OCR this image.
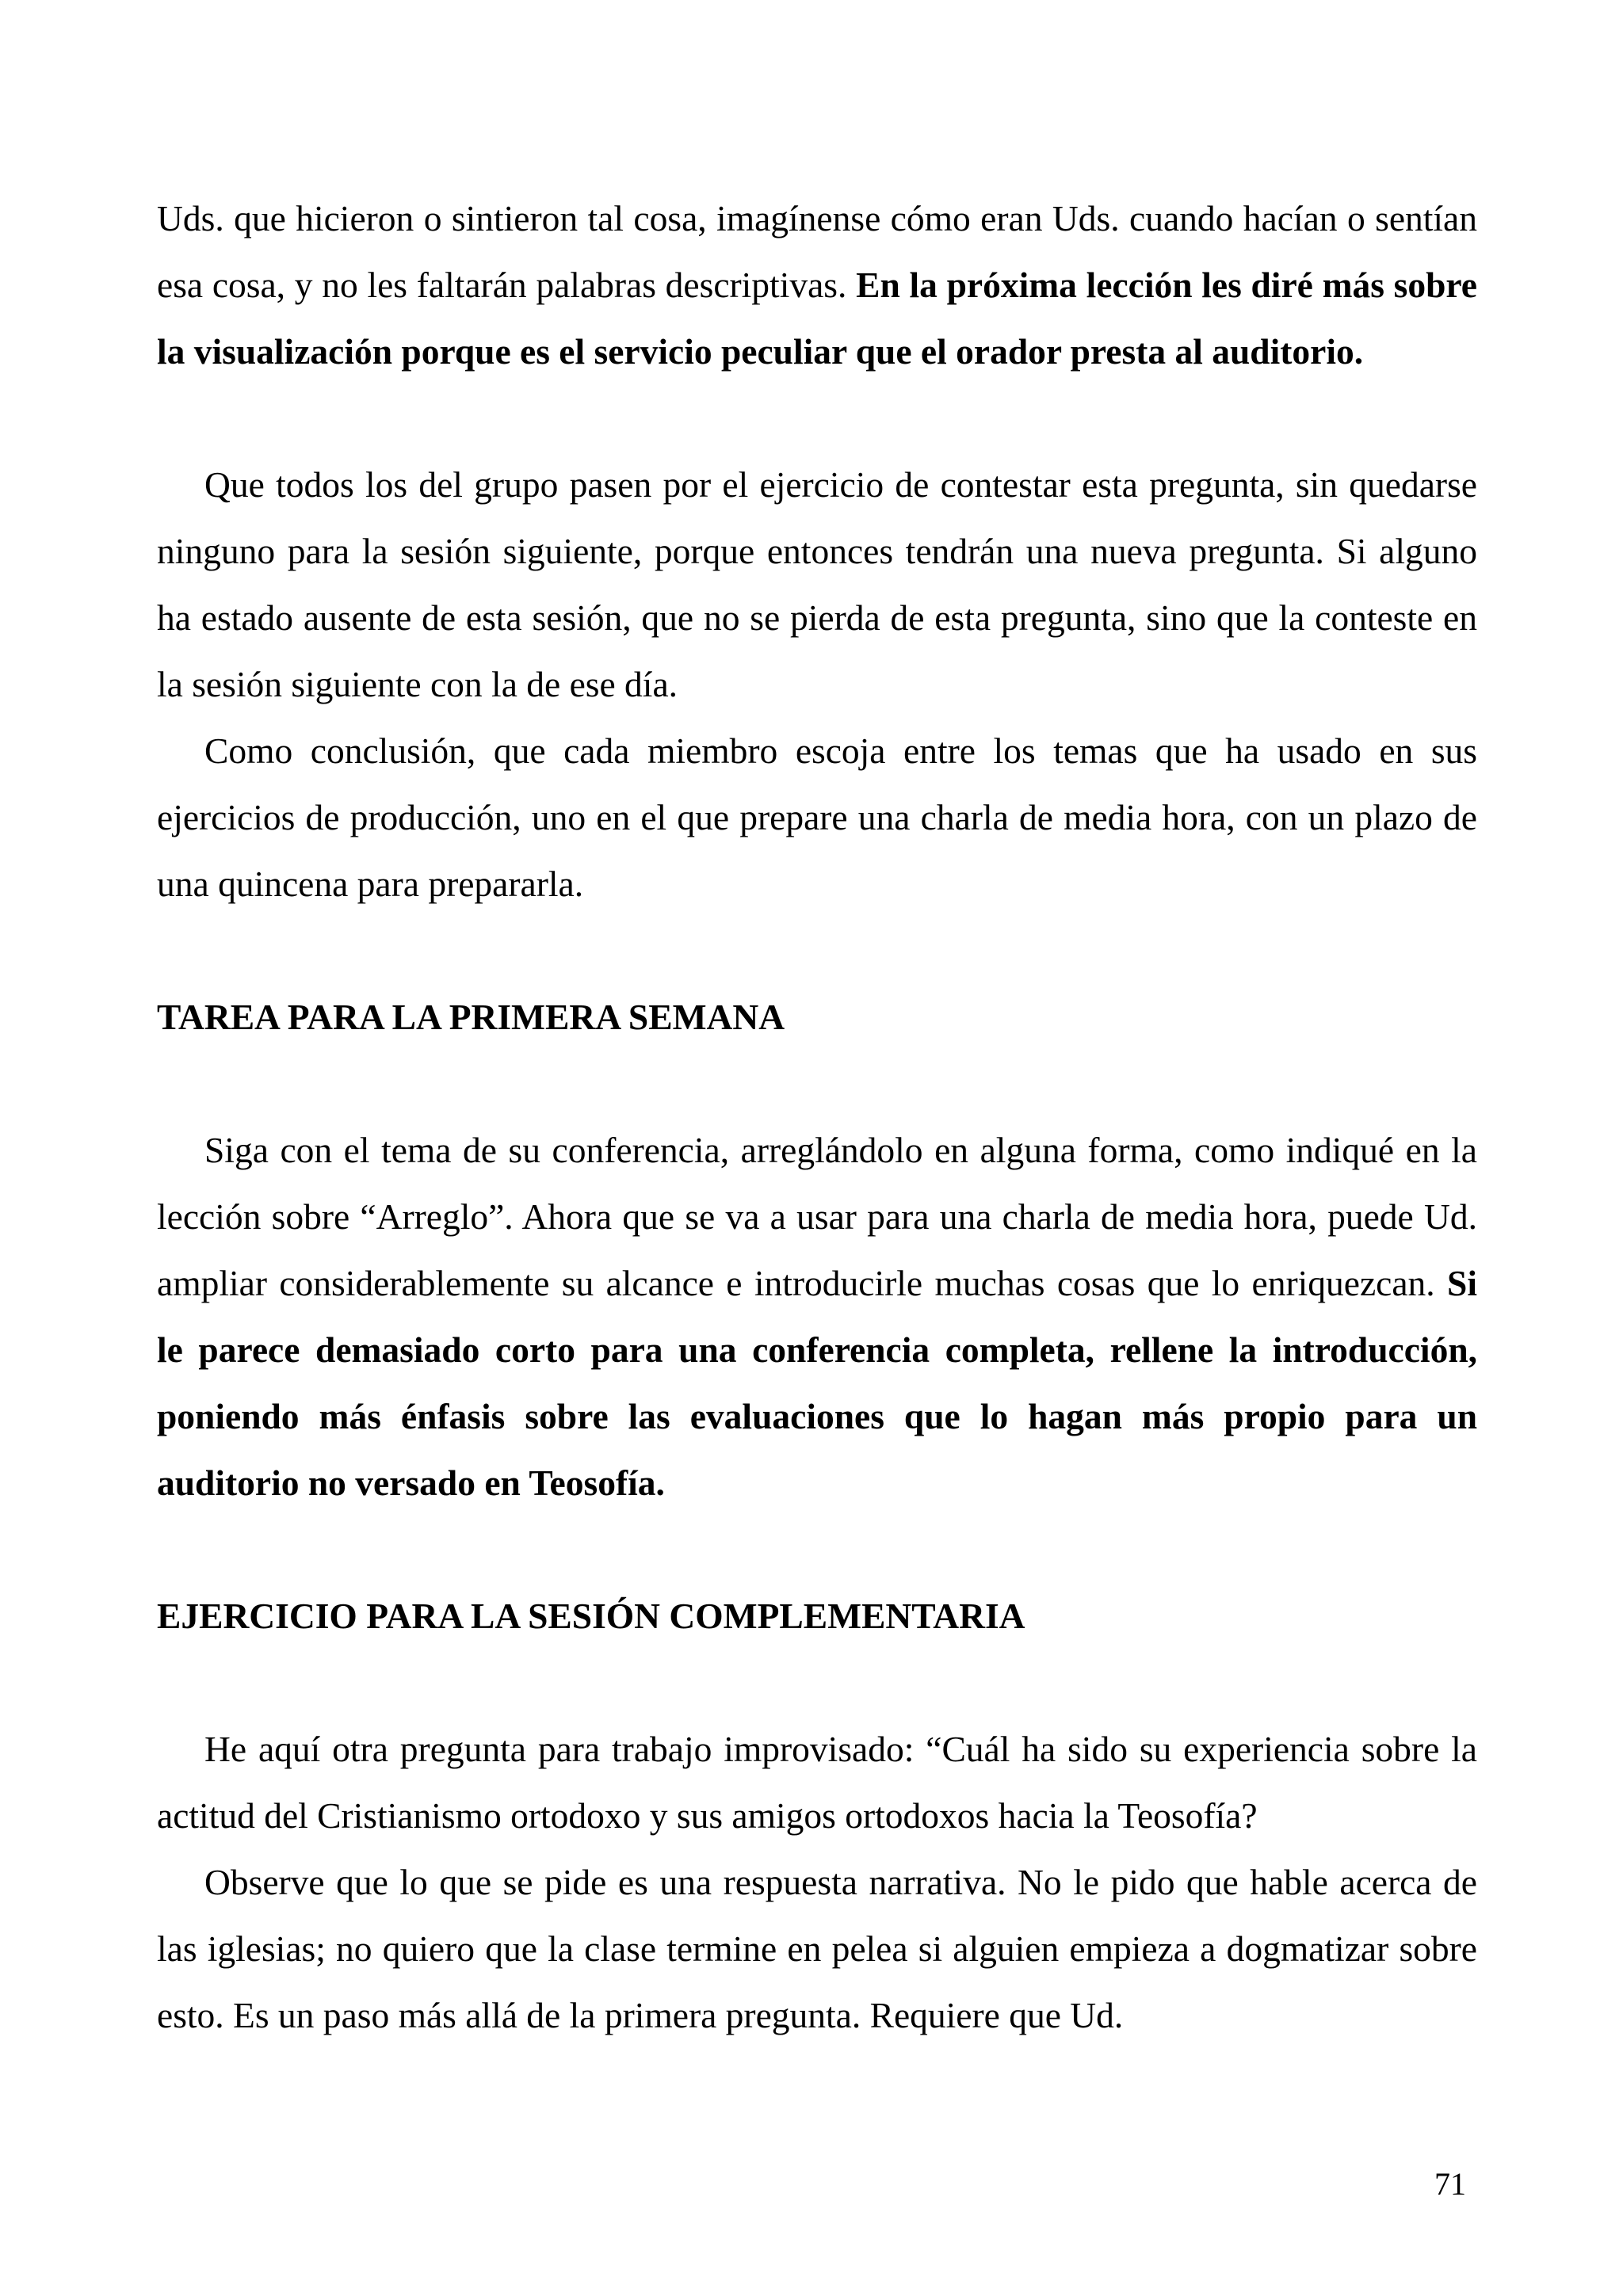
Uds. que hicieron o sintieron tal cosa, imagínense cómo eran Uds. cuando hacían o sentían esa cosa, y no les faltarán palabras descriptivas. En la próxima lección les diré más sobre la visualización porque es el servicio peculiar que el orador presta al auditorio.

Que todos los del grupo pasen por el ejercicio de contestar esta pregunta, sin quedarse ninguno para la sesión siguiente, porque entonces tendrán una nueva pregunta. Si alguno ha estado ausente de esta sesión, que no se pierda de esta pregunta, sino que la conteste en la sesión siguiente con la de ese día.

Como conclusión, que cada miembro escoja entre los temas que ha usado en sus ejercicios de producción, uno en el que prepare una charla de media hora, con un plazo de una quincena para prepararla.

TAREA PARA LA PRIMERA SEMANA

Siga con el tema de su conferencia, arreglándolo en alguna forma, como indiqué en la lección sobre “Arreglo”. Ahora que se va a usar para una charla de media hora, puede Ud. ampliar considerablemente su alcance e introducirle muchas cosas que lo enriquezcan. Si le parece demasiado corto para una conferencia completa, rellene la introducción, poniendo más énfasis sobre las evaluaciones que lo hagan más propio para un auditorio no versado en Teosofía.

EJERCICIO PARA LA SESIÓN COMPLEMENTARIA

He aquí otra pregunta para trabajo improvisado: “Cuál ha sido su experiencia sobre la actitud del Cristianismo ortodoxo y sus amigos ortodoxos hacia la Teosofía?

Observe que lo que se pide es una respuesta narrativa. No le pido que hable acerca de las iglesias; no quiero que la clase termine en pelea si alguien empieza a dogmatizar sobre esto. Es un paso más allá de la primera pregunta. Requiere que Ud.

71
